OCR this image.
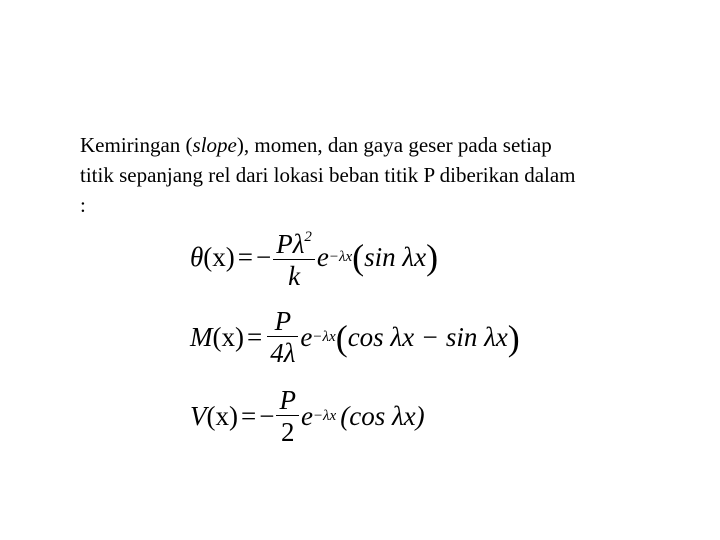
Kemiringan (slope), momen, dan gaya geser pada setiap
titik sepanjang rel dari lokasi beban titik P diberikan dalam
:
θ (x) = − $\frac{P\lambda^2}{k}$ e −λx ( sin λx )
M $(x) = \frac{P}{4\lambda}$ e −λx ( cos λx − sin λx )
V (x) = − $\frac{P}{2}$ e −λx (cos λx)
